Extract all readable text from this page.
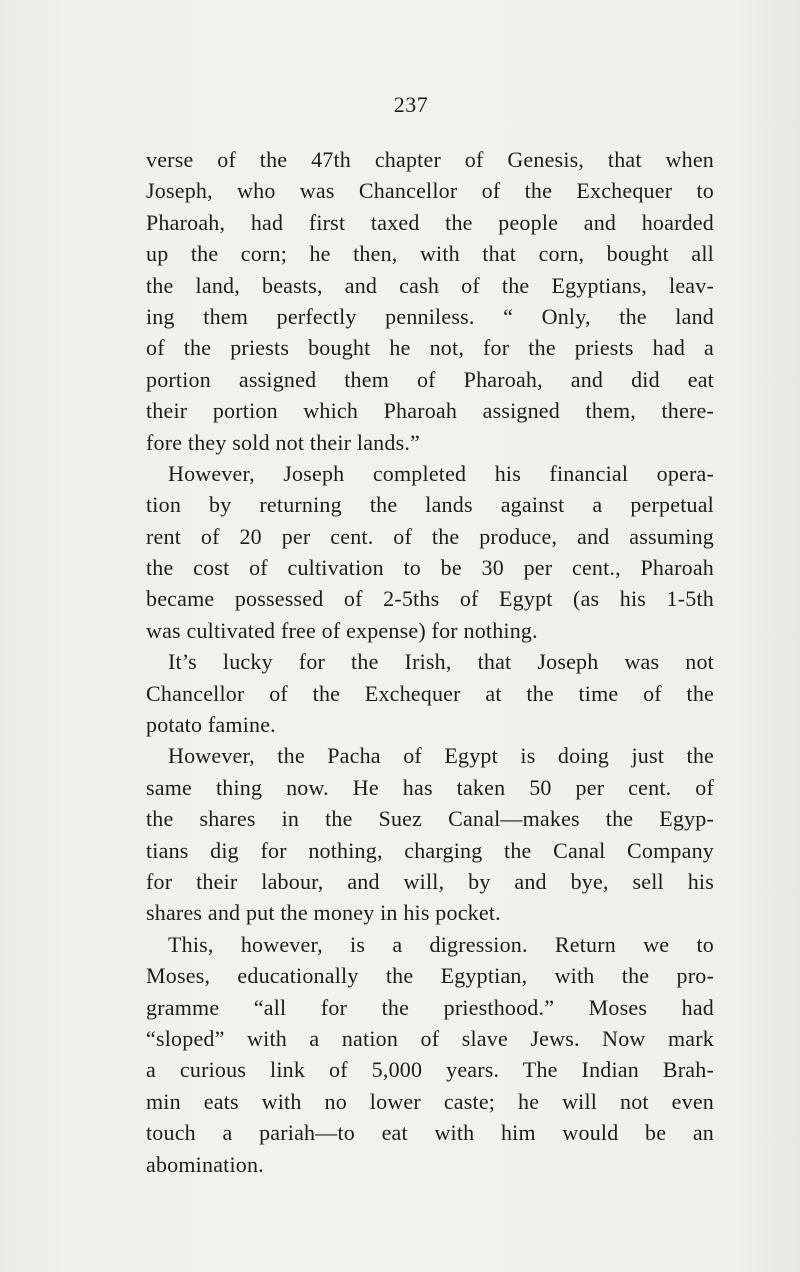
237
verse of the 47th chapter of Genesis, that when
Joseph, who was Chancellor of the Exchequer to
Pharoah, had first taxed the people and hoarded
up the corn; he then, with that corn, bought all
the land, beasts, and cash of the Egyptians, leav-
ing them perfectly penniless. “ Only, the land
of the priests bought he not, for the priests had a
portion assigned them of Pharoah, and did eat
their portion which Pharoah assigned them, there-
fore they sold not their lands.”
However, Joseph completed his financial opera-
tion by returning the lands against a perpetual
rent of 20 per cent. of the produce, and assuming
the cost of cultivation to be 30 per cent., Pharoah
became possessed of 2-5ths of Egypt (as his 1-5th
was cultivated free of expense) for nothing.
It’s lucky for the Irish, that Joseph was not
Chancellor of the Exchequer at the time of the
potato famine.
However, the Pacha of Egypt is doing just the
same thing now. He has taken 50 per cent. of
the shares in the Suez Canal—makes the Egyp-
tians dig for nothing, charging the Canal Company
for their labour, and will, by and bye, sell his
shares and put the money in his pocket.
This, however, is a digression. Return we to
Moses, educationally the Egyptian, with the pro-
gramme “all for the priesthood.” Moses had
“sloped” with a nation of slave Jews. Now mark
a curious link of 5,000 years. The Indian Brah-
min eats with no lower caste; he will not even
touch a pariah—to eat with him would be an
abomination.
